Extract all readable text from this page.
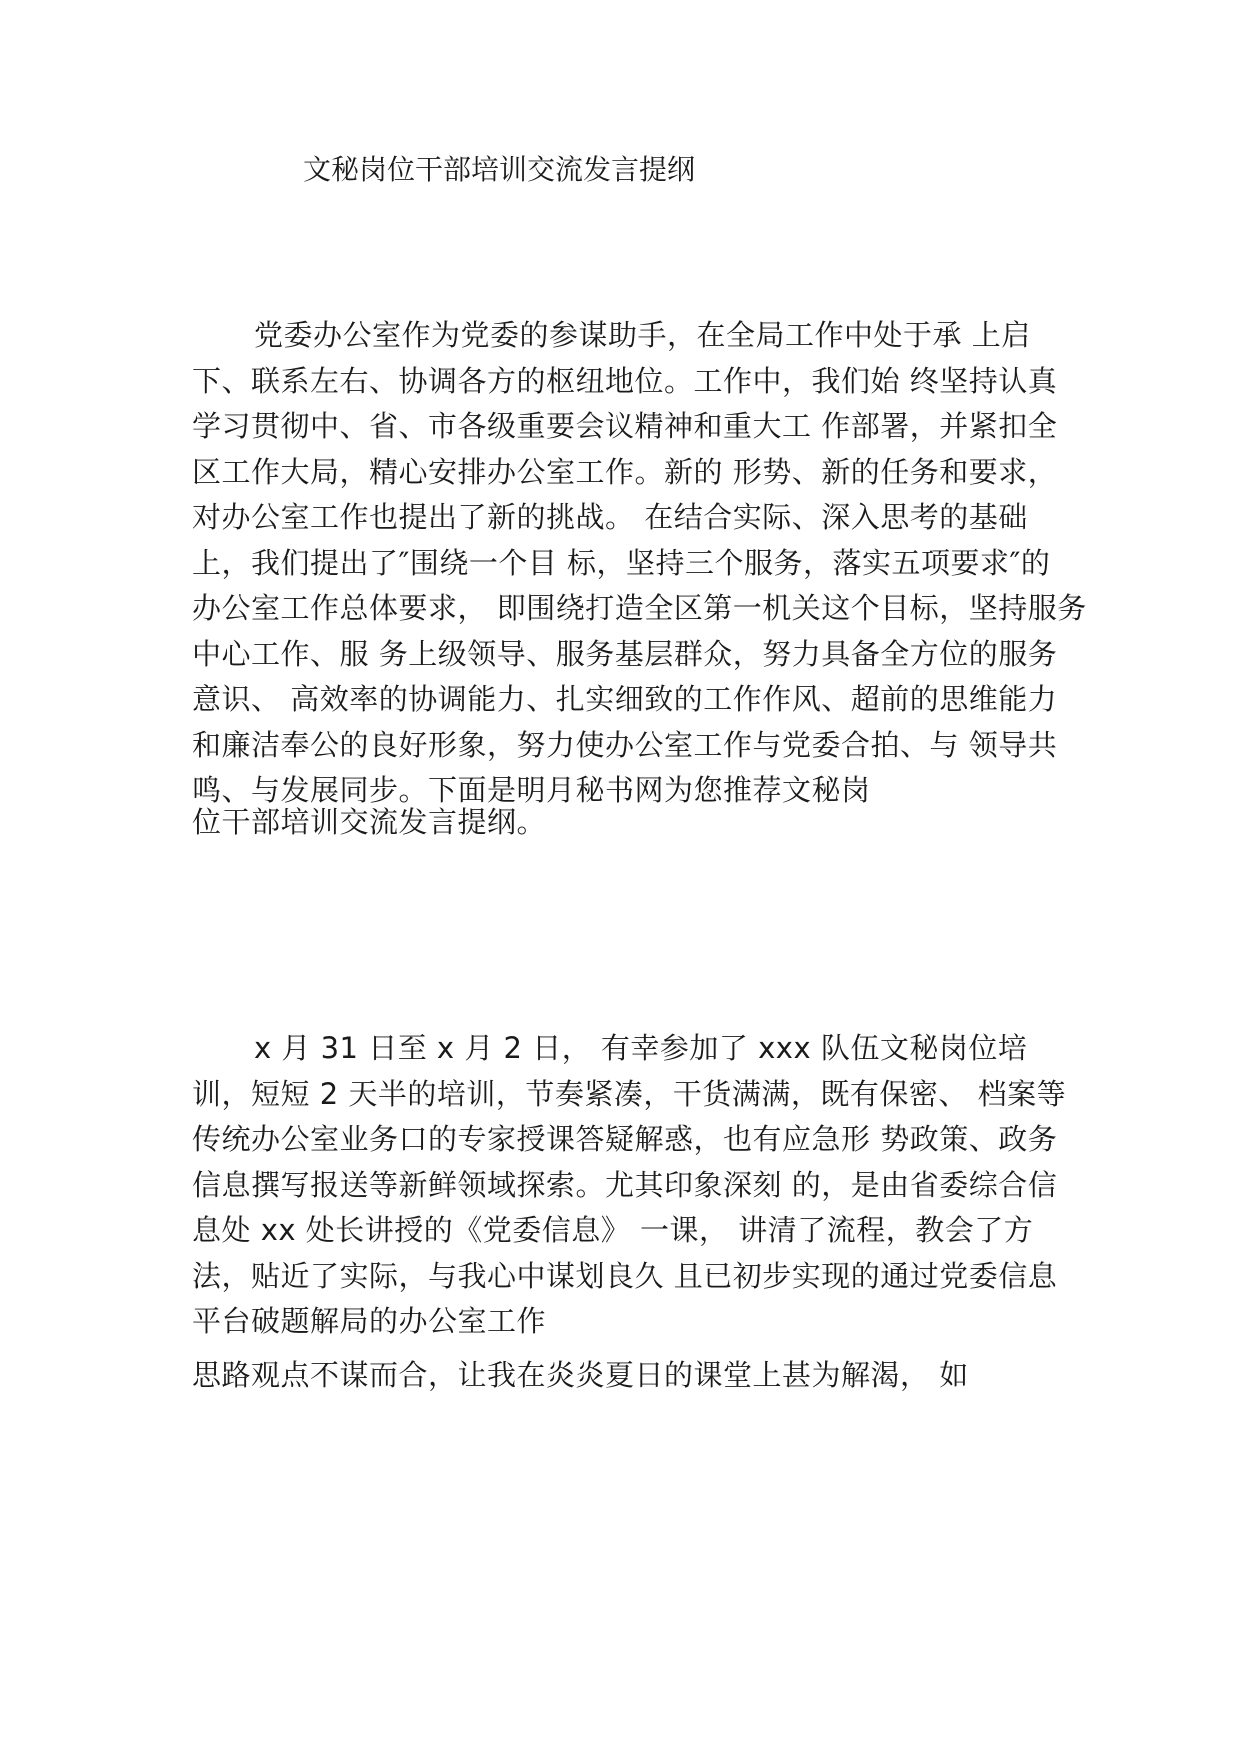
文秘岗位干部培训交流发言提纲
党委办公室作为党委的参谋助手，在全局工作中处于承 上启
下、联系左右、协调各方的枢纽地位。工作中，我们始 终坚持认真
学习贯彻中、省、市各级重要会议精神和重大工 作部署，并紧扣全
区工作大局，精心安排办公室工作。新的 形势、新的任务和要求，
对办公室工作也提出了新的挑战。 在结合实际、深入思考的基础
上，我们提出了″围绕一个目 标，坚持三个服务，落实五项要求″的
办公室工作总体要求， 即围绕打造全区第一机关这个目标，坚持服务
中心工作、服 务上级领导、服务基层群众，努力具备全方位的服务
意识、 高效率的协调能力、扎实细致的工作作风、超前的思维能力
和廉洁奉公的良好形象，努力使办公室工作与党委合拍、与 领导共
鸣、与发展同步。下面是明月秘书网为您推荐文秘岗
位干部培训交流发言提纲。
x 月 31 日至 x 月 2 日， 有幸参加了 xxx 队伍文秘岗位培
训，短短 2 天半的培训，节奏紧凑，干货满满，既有保密、 档案等
传统办公室业务口的专家授课答疑解惑，也有应急形 势政策、政务
信息撰写报送等新鲜领域探索。尤其印象深刻 的，是由省委综合信
息处 xx 处长讲授的《党委信息》 一课， 讲清了流程，教会了方
法，贴近了实际，与我心中谋划良久 且已初步实现的通过党委信息
平台破题解局的办公室工作
思路观点不谋而合，让我在炎炎夏日的课堂上甚为解渴， 如
